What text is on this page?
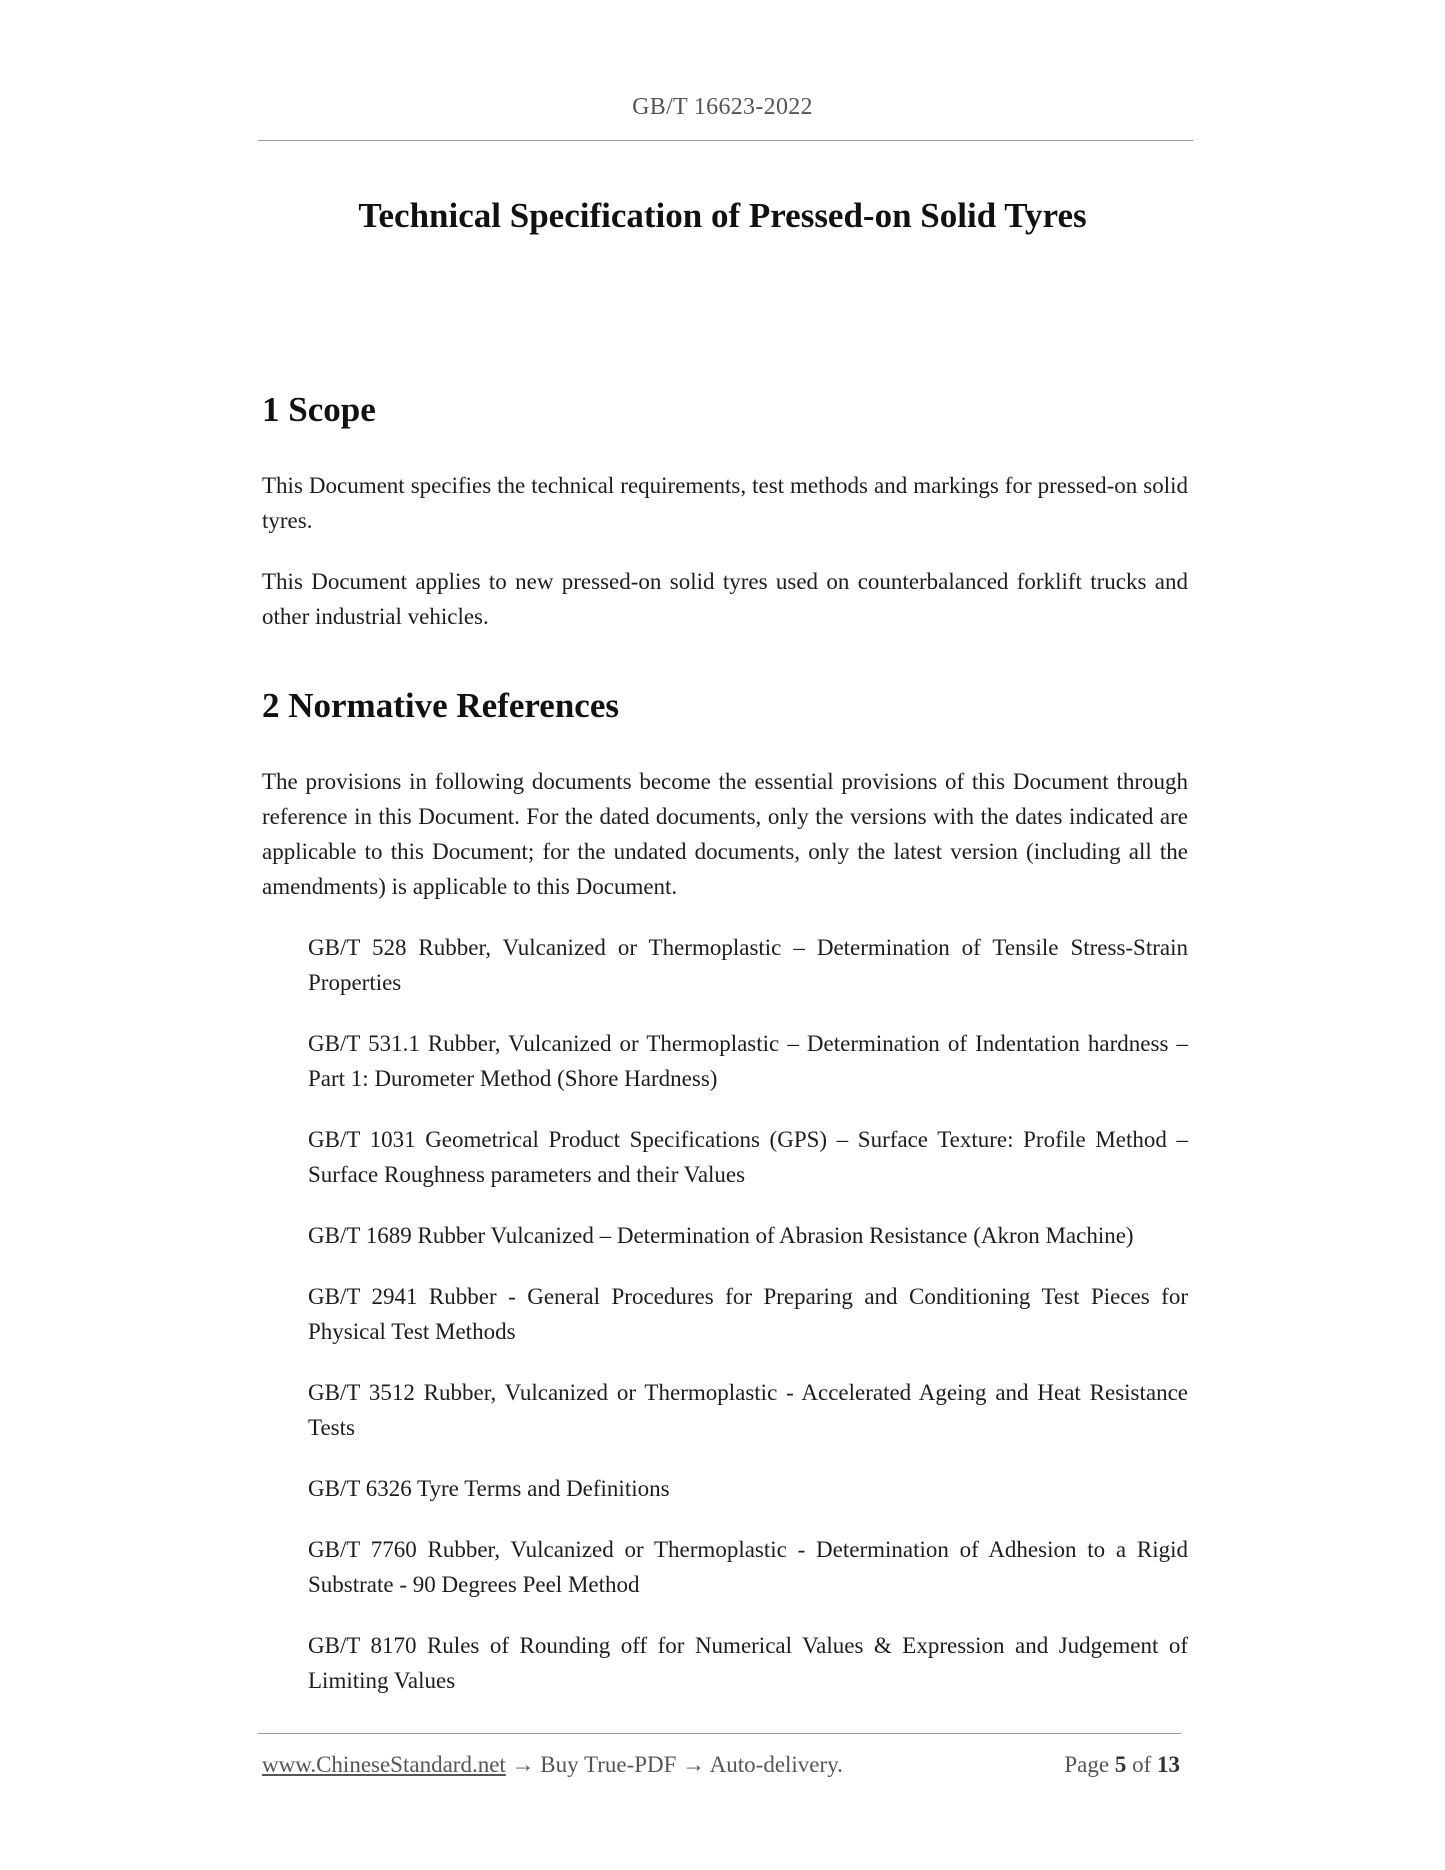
GB/T 16623-2022
Technical Specification of Pressed-on Solid Tyres
1 Scope

This Document specifies the technical requirements, test methods and markings for pressed-on solid tyres.

This Document applies to new pressed-on solid tyres used on counterbalanced forklift trucks and other industrial vehicles.

2 Normative References

The provisions in following documents become the essential provisions of this Document through reference in this Document. For the dated documents, only the versions with the dates indicated are applicable to this Document; for the undated documents, only the latest version (including all the amendments) is applicable to this Document.

GB/T 528 Rubber, Vulcanized or Thermoplastic – Determination of Tensile Stress-Strain Properties

GB/T 531.1 Rubber, Vulcanized or Thermoplastic – Determination of Indentation hardness – Part 1: Durometer Method (Shore Hardness)

GB/T 1031 Geometrical Product Specifications (GPS) – Surface Texture: Profile Method – Surface Roughness parameters and their Values

GB/T 1689 Rubber Vulcanized – Determination of Abrasion Resistance (Akron Machine)

GB/T 2941 Rubber - General Procedures for Preparing and Conditioning Test Pieces for Physical Test Methods

GB/T 3512 Rubber, Vulcanized or Thermoplastic - Accelerated Ageing and Heat Resistance Tests

GB/T 6326 Tyre Terms and Definitions

GB/T 7760 Rubber, Vulcanized or Thermoplastic - Determination of Adhesion to a Rigid Substrate - 90 Degrees Peel Method

GB/T 8170 Rules of Rounding off for Numerical Values & Expression and Judgement of Limiting Values

www.ChineseStandard.net → Buy True-PDF → Auto-delivery.	Page 5 of 13
